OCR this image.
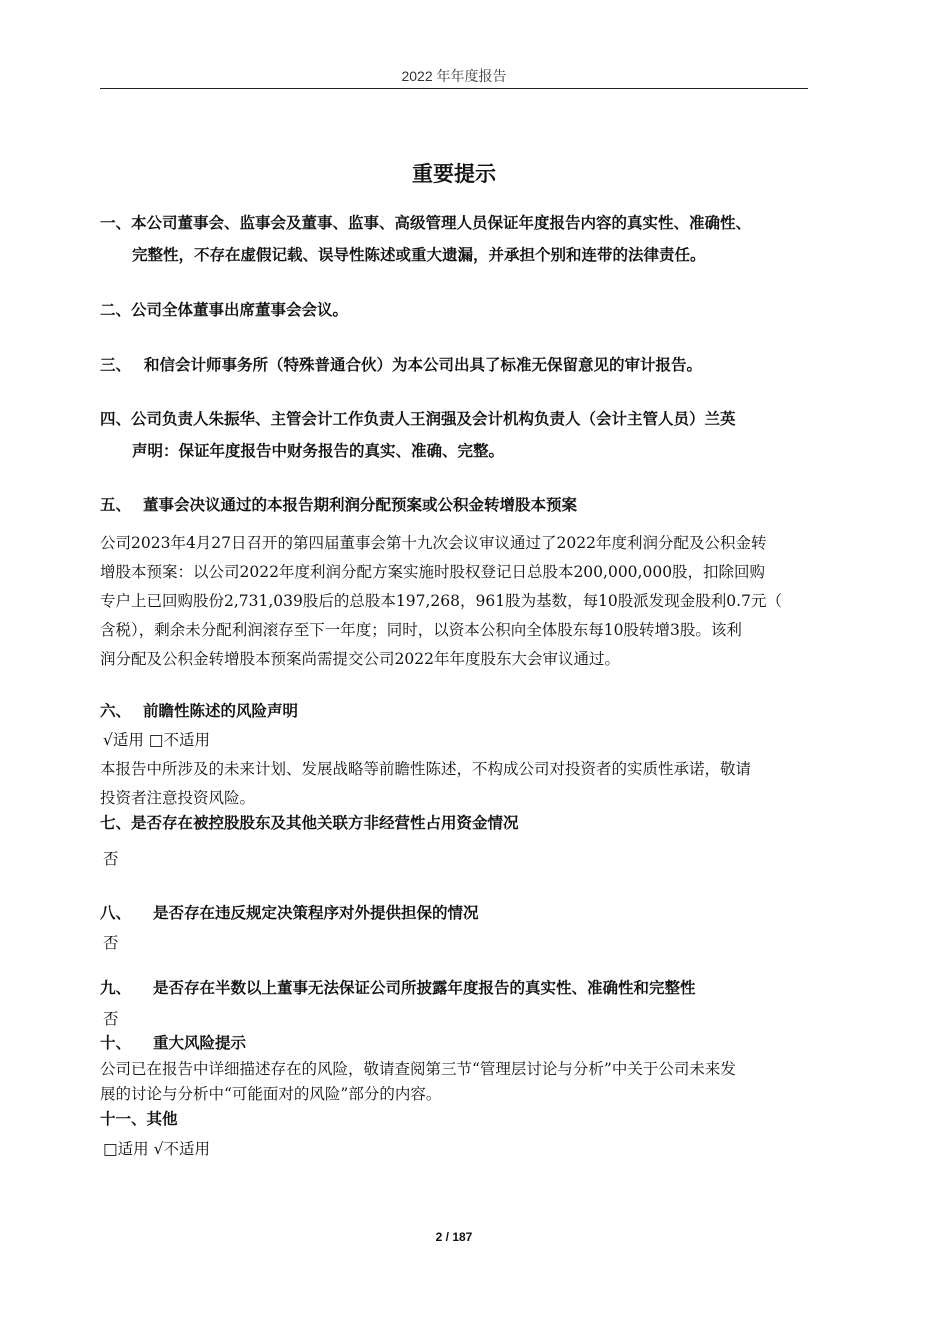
2022 年年度报告
重要提示
一、本公司董事会、监事会及董事、监事、高级管理人员保证年度报告内容的真实性、准确性、
完整性，不存在虚假记载、误导性陈述或重大遗漏，并承担个别和连带的法律责任。
二、公司全体董事出席董事会会议。
三、 和信会计师事务所（特殊普通合伙）为本公司出具了标准无保留意见的审计报告。
四、公司负责人朱振华、主管会计工作负责人王润强及会计机构负责人（会计主管人员）兰英
声明：保证年度报告中财务报告的真实、准确、完整。
五、 董事会决议通过的本报告期利润分配预案或公积金转增股本预案
公司2023年4月27日召开的第四届董事会第十九次会议审议通过了2022年度利润分配及公积金转
增股本预案：以公司2022年度利润分配方案实施时股权登记日总股本200,000,000股，扣除回购
专户上已回购股份2,731,039股后的总股本197,268，961股为基数，每10股派发现金股利0.7元（
含税），剩余未分配利润滚存至下一年度；同时，以资本公积向全体股东每10股转增3股。该利
润分配及公积金转增股本预案尚需提交公司2022年年度股东大会审议通过。
六、 前瞻性陈述的风险声明
√适用 □不适用
本报告中所涉及的未来计划、发展战略等前瞻性陈述，不构成公司对投资者的实质性承诺，敬请
投资者注意投资风险。
七、是否存在被控股股东及其他关联方非经营性占用资金情况
否
八、 是否存在违反规定决策程序对外提供担保的情况
否
九、 是否存在半数以上董事无法保证公司所披露年度报告的真实性、准确性和完整性
否
十、 重大风险提示
公司已在报告中详细描述存在的风险，敬请查阅第三节“管理层讨论与分析”中关于公司未来发
展的讨论与分析中“可能面对的风险”部分的内容。
十一、其他
□适用 √不适用
2 / 187
